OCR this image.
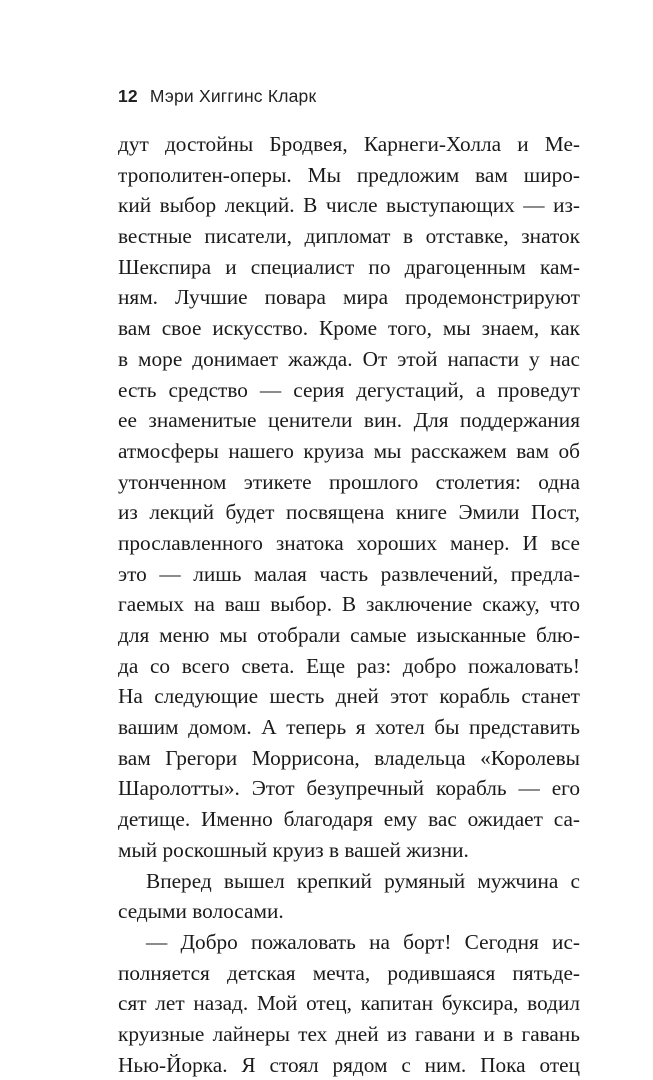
12 Мэри Хиггинс Кларк
дут достойны Бродвея, Карнеги-Холла и Ме-
трополитен-оперы. Мы предложим вам широ-
кий выбор лекций. В числе выступающих — из-
вестные писатели, дипломат в отставке, знаток
Шекспира и специалист по драгоценным кам-
ням. Лучшие повара мира продемонстрируют
вам свое искусство. Кроме того, мы знаем, как
в море донимает жажда. От этой напасти у нас
есть средство — серия дегустаций, а проведут
ее знаменитые ценители вин. Для поддержания
атмосферы нашего круиза мы расскажем вам об
утонченном этикете прошлого столетия: одна
из лекций будет посвящена книге Эмили Пост,
прославленного знатока хороших манер. И все
это — лишь малая часть развлечений, предла-
гаемых на ваш выбор. В заключение скажу, что
для меню мы отобрали самые изысканные блю-
да со всего света. Еще раз: добро пожаловать!
На следующие шесть дней этот корабль станет
вашим домом. А теперь я хотел бы представить
вам Грегори Моррисона, владельца «Королевы
Шаролотты». Этот безупречный корабль — его
детище. Именно благодаря ему вас ожидает са-
мый роскошный круиз в вашей жизни.
Вперед вышел крепкий румяный мужчина с
седыми волосами.
— Добро пожаловать на борт! Сегодня ис-
полняется детская мечта, родившаяся пятьде-
сят лет назад. Мой отец, капитан буксира, водил
круизные лайнеры тех дней из гавани и в гавань
Нью-Йорка. Я стоял рядом с ним. Пока отец
